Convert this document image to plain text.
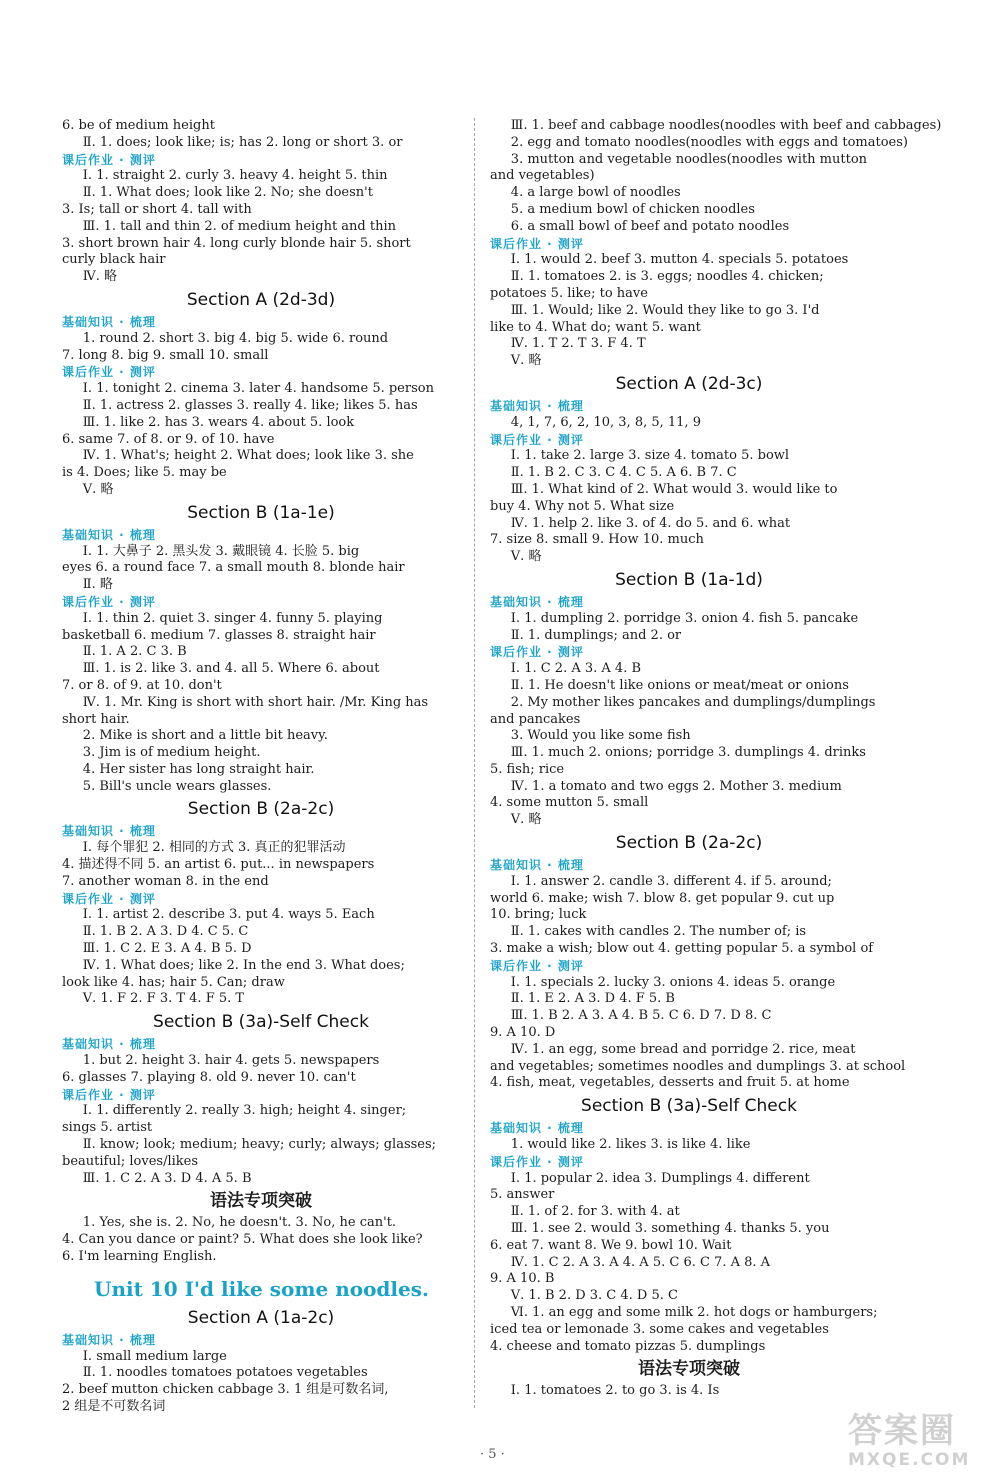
6. be of medium height
Ⅱ. 1. does; look like; is; has 2. long or short 3. or
课后作业 · 测评
Ⅰ. 1. straight 2. curly 3. heavy 4. height 5. thin
Ⅱ. 1. What does; look like 2. No; she doesn't
3. Is; tall or short 4. tall with
Ⅲ. 1. tall and thin 2. of medium height and thin
3. short brown hair 4. long curly blonde hair 5. short
curly black hair
Ⅳ. 略
Section A (2d-3d)
基础知识 · 梳理
1. round 2. short 3. big 4. big 5. wide 6. round
7. long 8. big 9. small 10. small
课后作业 · 测评
Ⅰ. 1. tonight 2. cinema 3. later 4. handsome 5. person
Ⅱ. 1. actress 2. glasses 3. really 4. like; likes 5. has
Ⅲ. 1. like 2. has 3. wears 4. about 5. look
6. same 7. of 8. or 9. of 10. have
Ⅳ. 1. What's; height 2. What does; look like 3. she
is 4. Does; like 5. may be
Ⅴ. 略
Section B (1a-1e)
基础知识 · 梳理
Ⅰ. 1. 大鼻子 2. 黑头发 3. 戴眼镜 4. 长脸 5. big
eyes 6. a round face 7. a small mouth 8. blonde hair
Ⅱ. 略
课后作业 · 测评
Ⅰ. 1. thin 2. quiet 3. singer 4. funny 5. playing
basketball 6. medium 7. glasses 8. straight hair
Ⅱ. 1. A 2. C 3. B
Ⅲ. 1. is 2. like 3. and 4. all 5. Where 6. about
7. or 8. of 9. at 10. don't
Ⅳ. 1. Mr. King is short with short hair. /Mr. King has
short hair.
2. Mike is short and a little bit heavy.
3. Jim is of medium height.
4. Her sister has long straight hair.
5. Bill's uncle wears glasses.
Section B (2a-2c)
基础知识 · 梳理
Ⅰ. 每个罪犯 2. 相同的方式 3. 真正的犯罪活动
4. 描述得不同 5. an artist 6. put... in newspapers
7. another woman 8. in the end
课后作业 · 测评
Ⅰ. 1. artist 2. describe 3. put 4. ways 5. Each
Ⅱ. 1. B 2. A 3. D 4. C 5. C
Ⅲ. 1. C 2. E 3. A 4. B 5. D
Ⅳ. 1. What does; like 2. In the end 3. What does;
look like 4. has; hair 5. Can; draw
Ⅴ. 1. F 2. F 3. T 4. F 5. T
Section B (3a)-Self Check
基础知识 · 梳理
1. but 2. height 3. hair 4. gets 5. newspapers
6. glasses 7. playing 8. old 9. never 10. can't
课后作业 · 测评
Ⅰ. 1. differently 2. really 3. high; height 4. singer;
sings 5. artist
Ⅱ. know; look; medium; heavy; curly; always; glasses;
beautiful; loves/likes
Ⅲ. 1. C 2. A 3. D 4. A 5. B
语法专项突破
1. Yes, she is. 2. No, he doesn't. 3. No, he can't.
4. Can you dance or paint? 5. What does she look like?
6. I'm learning English.
Unit 10 I'd like some noodles.
Section A (1a-2c)
基础知识 · 梳理
Ⅰ. small medium large
Ⅱ. 1. noodles tomatoes potatoes vegetables
2. beef mutton chicken cabbage 3. 1 组是可数名词,
2 组是不可数名词
Ⅲ. 1. beef and cabbage noodles(noodles with beef and cabbages)
2. egg and tomato noodles(noodles with eggs and tomatoes)
3. mutton and vegetable noodles(noodles with mutton
and vegetables)
4. a large bowl of noodles
5. a medium bowl of chicken noodles
6. a small bowl of beef and potato noodles
课后作业 · 测评
Ⅰ. 1. would 2. beef 3. mutton 4. specials 5. potatoes
Ⅱ. 1. tomatoes 2. is 3. eggs; noodles 4. chicken;
potatoes 5. like; to have
Ⅲ. 1. Would; like 2. Would they like to go 3. I'd
like to 4. What do; want 5. want
Ⅳ. 1. T 2. T 3. F 4. T
Ⅴ. 略
Section A (2d-3c)
基础知识 · 梳理
4, 1, 7, 6, 2, 10, 3, 8, 5, 11, 9
课后作业 · 测评
Ⅰ. 1. take 2. large 3. size 4. tomato 5. bowl
Ⅱ. 1. B 2. C 3. C 4. C 5. A 6. B 7. C
Ⅲ. 1. What kind of 2. What would 3. would like to
buy 4. Why not 5. What size
Ⅳ. 1. help 2. like 3. of 4. do 5. and 6. what
7. size 8. small 9. How 10. much
Ⅴ. 略
Section B (1a-1d)
基础知识 · 梳理
Ⅰ. 1. dumpling 2. porridge 3. onion 4. fish 5. pancake
Ⅱ. 1. dumplings; and 2. or
课后作业 · 测评
Ⅰ. 1. C 2. A 3. A 4. B
Ⅱ. 1. He doesn't like onions or meat/meat or onions
2. My mother likes pancakes and dumplings/dumplings
and pancakes
3. Would you like some fish
Ⅲ. 1. much 2. onions; porridge 3. dumplings 4. drinks
5. fish; rice
Ⅳ. 1. a tomato and two eggs 2. Mother 3. medium
4. some mutton 5. small
Ⅴ. 略
Section B (2a-2c)
基础知识 · 梳理
Ⅰ. 1. answer 2. candle 3. different 4. if 5. around;
world 6. make; wish 7. blow 8. get popular 9. cut up
10. bring; luck
Ⅱ. 1. cakes with candles 2. The number of; is
3. make a wish; blow out 4. getting popular 5. a symbol of
课后作业 · 测评
Ⅰ. 1. specials 2. lucky 3. onions 4. ideas 5. orange
Ⅱ. 1. E 2. A 3. D 4. F 5. B
Ⅲ. 1. B 2. A 3. A 4. B 5. C 6. D 7. D 8. C
9. A 10. D
Ⅳ. 1. an egg, some bread and porridge 2. rice, meat
and vegetables; sometimes noodles and dumplings 3. at school
4. fish, meat, vegetables, desserts and fruit 5. at home
Section B (3a)-Self Check
基础知识 · 梳理
1. would like 2. likes 3. is like 4. like
课后作业 · 测评
Ⅰ. 1. popular 2. idea 3. Dumplings 4. different
5. answer
Ⅱ. 1. of 2. for 3. with 4. at
Ⅲ. 1. see 2. would 3. something 4. thanks 5. you
6. eat 7. want 8. We 9. bowl 10. Wait
Ⅳ. 1. C 2. A 3. A 4. A 5. C 6. C 7. A 8. A
9. A 10. B
Ⅴ. 1. B 2. D 3. C 4. D 5. C
Ⅵ. 1. an egg and some milk 2. hot dogs or hamburgers;
iced tea or lemonade 3. some cakes and vegetables
4. cheese and tomato pizzas 5. dumplings
语法专项突破
Ⅰ. 1. tomatoes 2. to go 3. is 4. Is
· 5 ·
答案圈
MXQE.COM
